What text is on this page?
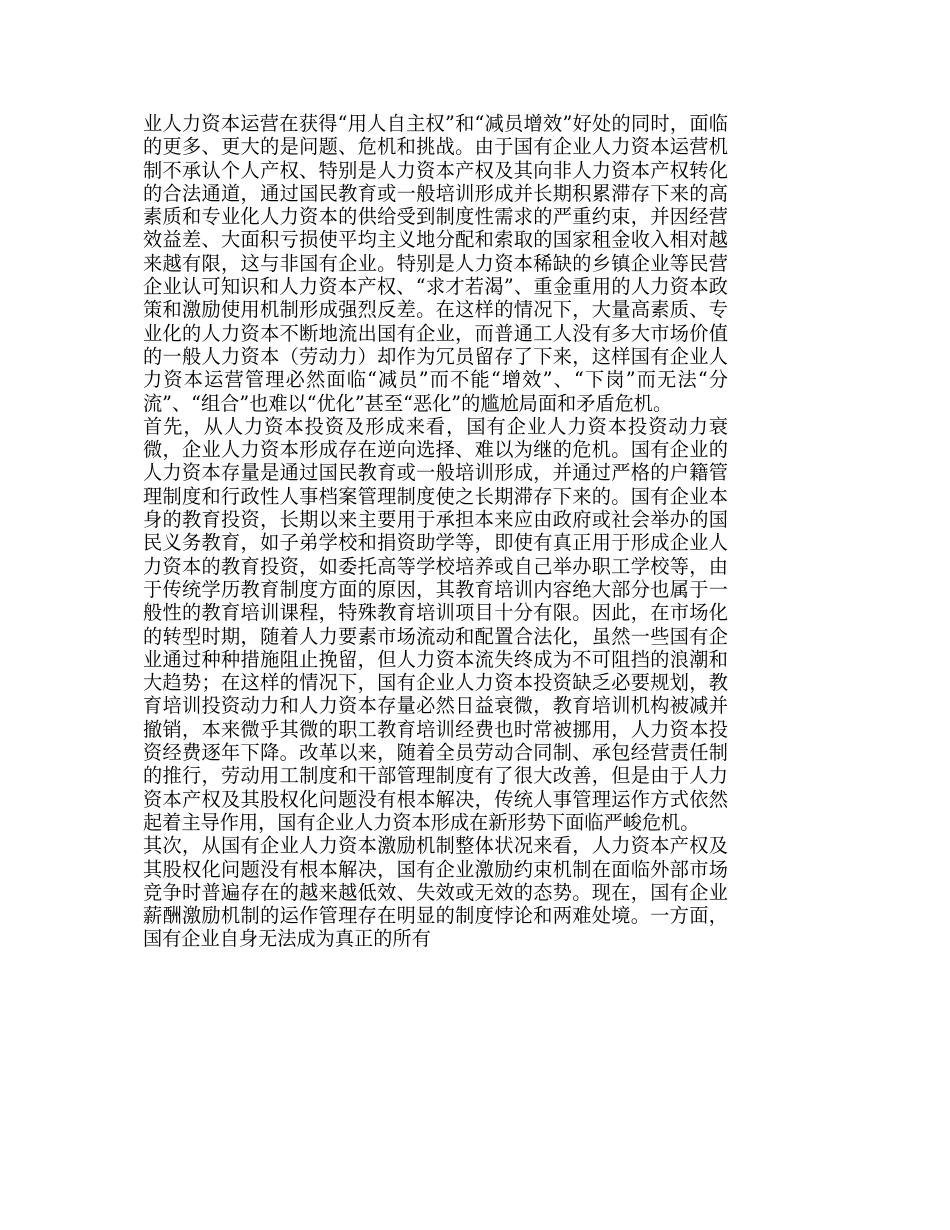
业人力资本运营在获得“用人自主权”和“减员增效”好处的同时，面临的更多、更大的是问题、危机和挑战。由于国有企业人力资本运营机制不承认个人产权、特别是人力资本产权及其向非人力资本产权转化的合法通道，通过国民教育或一般培训形成并长期积累滞存下来的高素质和专业化人力资本的供给受到制度性需求的严重约束，并因经营效益差、大面积亏损使平均主义地分配和索取的国家租金收入相对越来越有限，这与非国有企业。特别是人力资本稀缺的乡镇企业等民营企业认可知识和人力资本产权、“求才若渴”、重金重用的人力资本政策和激励使用机制形成强烈反差。在这样的情况下，大量高素质、专业化的人力资本不断地流出国有企业，而普通工人没有多大市场价值的一般人力资本（劳动力）却作为冗员留存了下来，这样国有企业人力资本运营管理必然面临“减员”而不能“增效”、“下岗”而无法“分流”、“组合”也难以“优化”甚至“恶化”的尴尬局面和矛盾危机。

首先，从人力资本投资及形成来看，国有企业人力资本投资动力衰微，企业人力资本形成存在逆向选择、难以为继的危机。国有企业的人力资本存量是通过国民教育或一般培训形成，并通过严格的户籍管理制度和行政性人事档案管理制度使之长期滞存下来的。国有企业本身的教育投资，长期以来主要用于承担本来应由政府或社会举办的国民义务教育，如子弟学校和捐资助学等，即使有真正用于形成企业人力资本的教育投资，如委托高等学校培养或自己举办职工学校等，由于传统学历教育制度方面的原因，其教育培训内容绝大部分也属于一般性的教育培训课程，特殊教育培训项目十分有限。因此，在市场化的转型时期，随着人力要素市场流动和配置合法化，虽然一些国有企业通过种种措施阻止挽留，但人力资本流失终成为不可阻挡的浪潮和大趋势；在这样的情况下，国有企业人力资本投资缺乏必要规划，教育培训投资动力和人力资本存量必然日益衰微，教育培训机构被减并撤销，本来微乎其微的职工教育培训经费也时常被挪用，人力资本投资经费逐年下降。改革以来，随着全员劳动合同制、承包经营责任制的推行，劳动用工制度和干部管理制度有了很大改善，但是由于人力资本产权及其股权化问题没有根本解决，传统人事管理运作方式依然起着主导作用，国有企业人力资本形成在新形势下面临严峻危机。

其次，从国有企业人力资本激励机制整体状况来看，人力资本产权及其股权化问题没有根本解决，国有企业激励约束机制在面临外部市场竞争时普遍存在的越来越低效、失效或无效的态势。现在，国有企业薪酬激励机制的运作管理存在明显的制度悖论和两难处境。一方面，国有企业自身无法成为真正的所有
